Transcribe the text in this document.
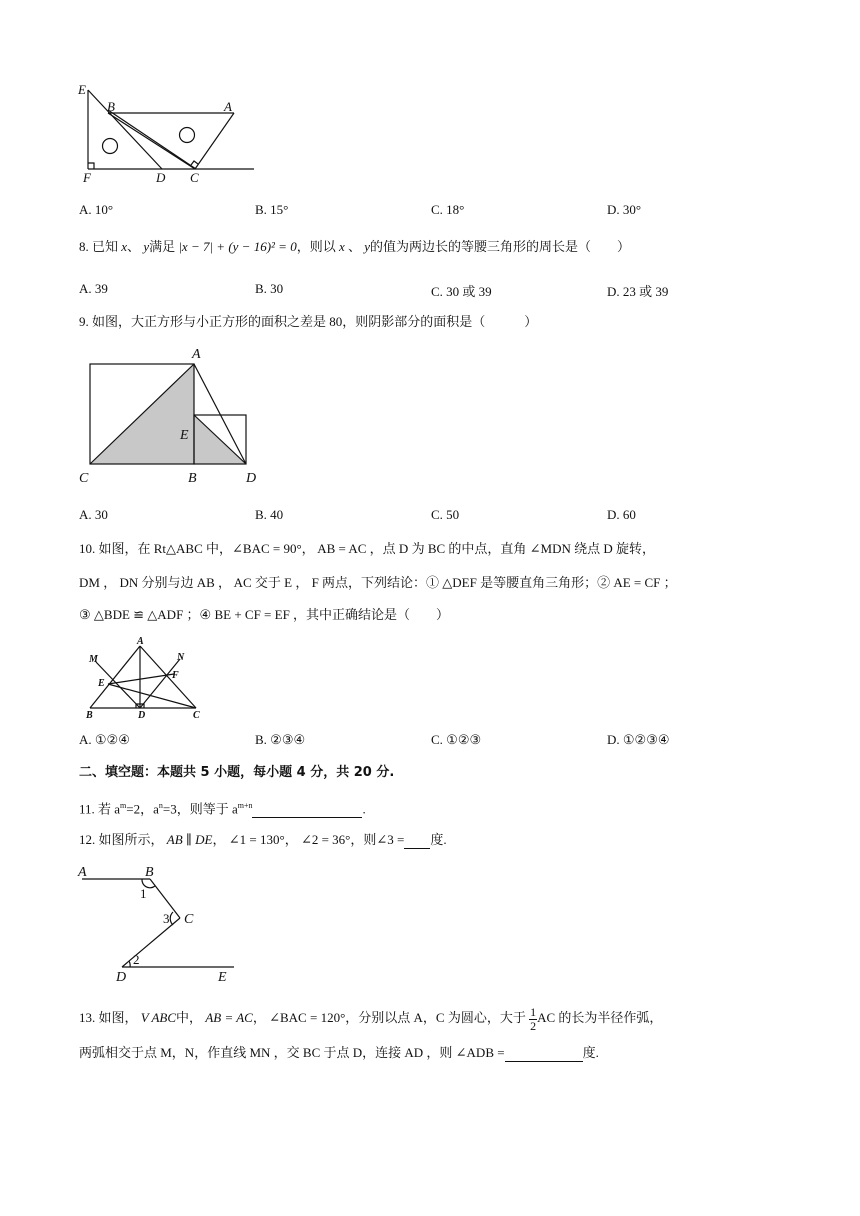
E
B	A
F	D C
A. 10°	B. 15°	C. 18°	D. 30°
8. 已知 x、 y满足 |x − 7| + (y − 16)² = 0，则以 x 、 y的值为两边长的等腰三角形的周长是（　　）
A. 39	B. 30	C. 30 或 39	D. 23 或 39
9. 如图，大正方形与小正方形的面积之差是 80，则阴影部分的面积是（　　　）
A
E
C	B	D
A. 30	B. 40	C. 50	D. 60
10. 如图，在 Rt△ABC 中，∠BAC = 90°， AB = AC ，点 D 为 BC 的中点，直角 ∠MDN 绕点 D 旋转，
DM ， DN 分别与边 AB ， AC 交于 E ， F 两点，下列结论：① △DEF 是等腰直角三角形；② AE = CF ；
③ △BDE ≌ △ADF ；④ BE + CF = EF ，其中正确结论是（　　）
A
M	N
E
F
B	D	C
A. ①②④	B. ②③④	C. ①②③	D. ①②③④
二、填空题：本题共 5 小题，每小题 4 分，共 20 分.
11. 若 $a^m=2$，$a^n=3$，则等于 $a^{m+n}$	.
12. 如图所示， AB ∥ DE， ∠1 = 130°， ∠2 = 36°，则∠3 = 度.
A	B
C
D	E
1
3
2
13. 如图， V ABC中， AB = AC， ∠BAC = 120°，分别以点 A，C 为圆心，大于 $\frac{1}{2}$ AC 的长为半径作弧，
两弧相交于点 M，N，作直线 MN ，交 BC 于点 D，连接 AD ，则 ∠ADB =	度.
